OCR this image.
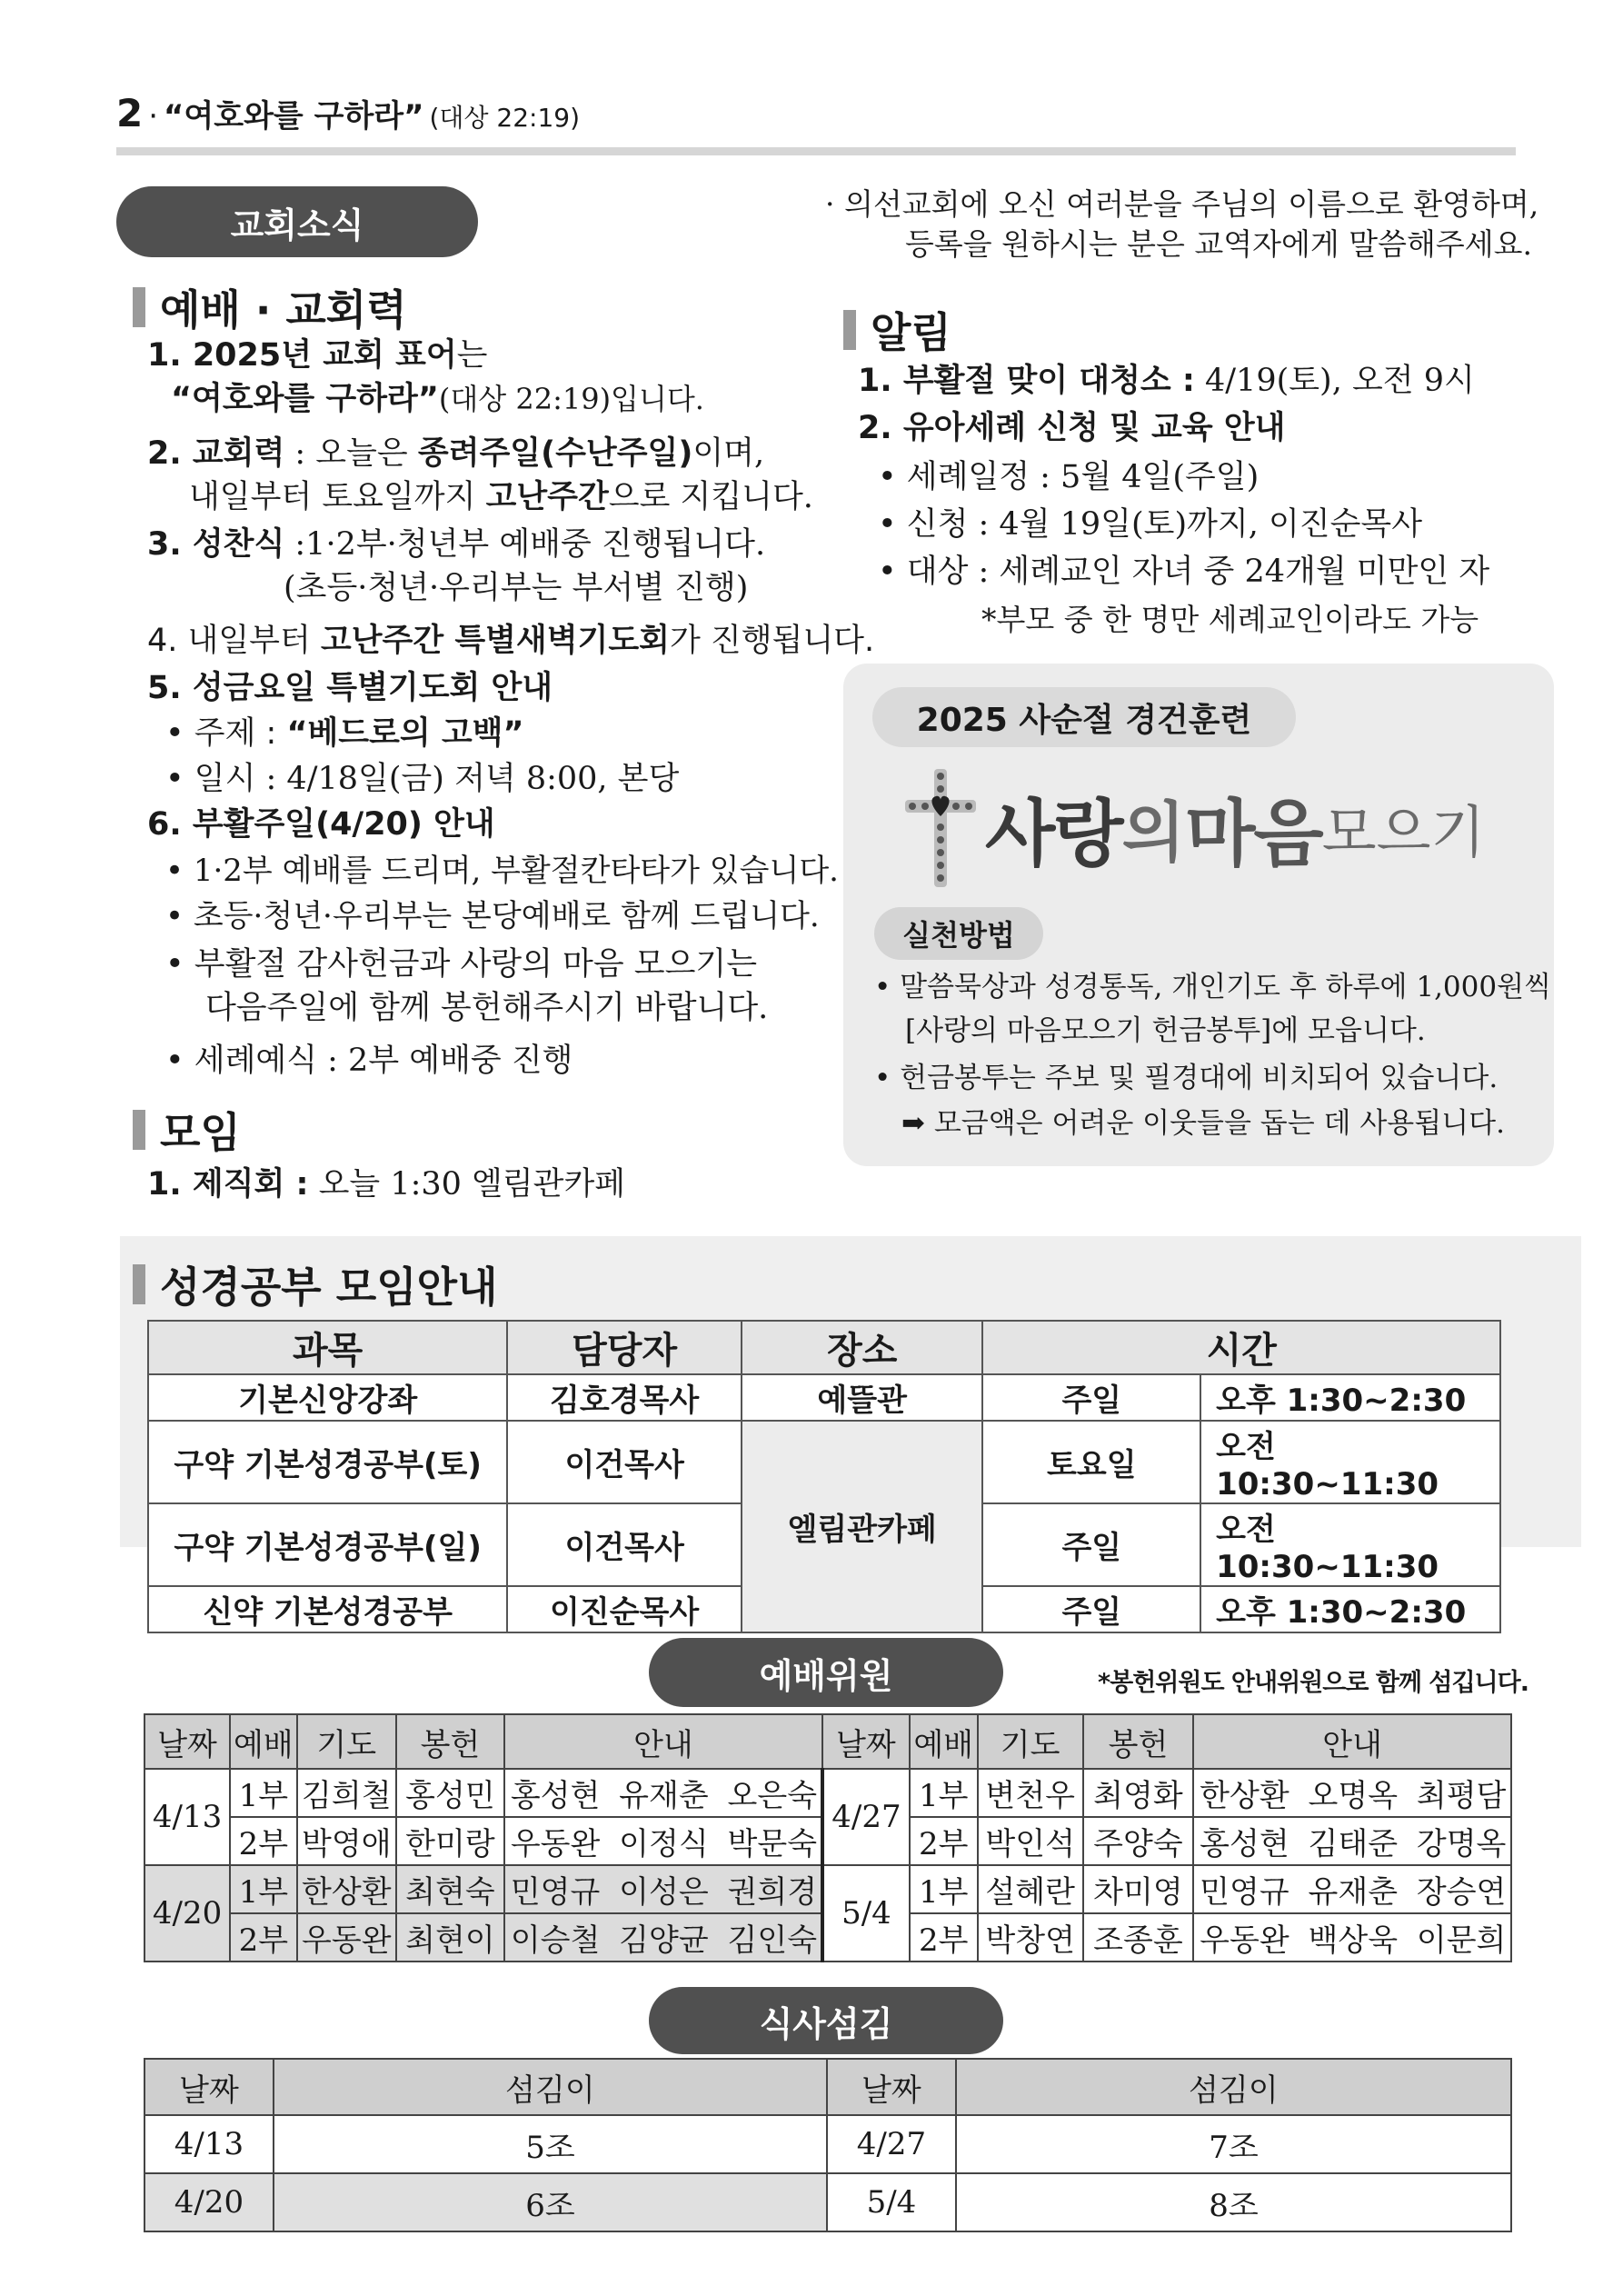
2 · “여호와를 구하라” (대상 22:19)
교회소식
예배 · 교회력
1. 2025년 교회 표어는
“여호와를 구하라”(대상 22:19)입니다.
2. 교회력 : 오늘은 종려주일(수난주일)이며,
내일부터 토요일까지 고난주간으로 지킵니다.
3. 성찬식 :1·2부·청년부 예배중 진행됩니다.
(초등·청년·우리부는 부서별 진행)
4. 내일부터 고난주간 특별새벽기도회가 진행됩니다.
5. 성금요일 특별기도회 안내
• 주제 : “베드로의 고백”
• 일시 : 4/18일(금) 저녁 8:00, 본당
6. 부활주일(4/20) 안내
• 1·2부 예배를 드리며, 부활절칸타타가 있습니다.
• 초등·청년·우리부는 본당예배로 함께 드립니다.
• 부활절 감사헌금과 사랑의 마음 모으기는
다음주일에 함께 봉헌해주시기 바랍니다.
• 세례예식 : 2부 예배중 진행
모임
1. 제직회 : 오늘 1:30 엘림관카페
· 의선교회에 오신 여러분을 주님의 이름으로 환영하며,
등록을 원하시는 분은 교역자에게 말씀해주세요.
알림
1. 부활절 맞이 대청소 : 4/19(토), 오전 9시
2. 유아세례 신청 및 교육 안내
• 세례일정 : 5월 4일(주일)
• 신청 : 4월 19일(토)까지, 이진순목사
• 대상 : 세례교인 자녀 중 24개월 미만인 자
*부모 중 한 명만 세례교인이라도 가능
2025 사순절 경건훈련
사랑 의 마음 모으기
실천방법
• 말씀묵상과 성경통독, 개인기도 후 하루에 1,000원씩
[사랑의 마음모으기 헌금봉투]에 모읍니다.
• 헌금봉투는 주보 및 필경대에 비치되어 있습니다.
➡ 모금액은 어려운 이웃들을 돕는 데 사용됩니다.
성경공부 모임안내
과목	담당자	장소	시간	
기본신앙강좌	김호경목사	예뜰관	주일	오후 1:30~2:30
구약 기본성경공부(토)	이건목사	엘림관카페	토요일	오전 10:30~11:30
구약 기본성경공부(일)	이건목사		주일	오전 10:30~11:30
신약 기본성경공부	이진순목사		주일	오후 1:30~2:30
예배위원	*봉헌위원도 안내위원으로 함께 섬깁니다.
날짜	예배	기도	봉헌	안내	날짜	예배	기도	봉헌	안내
4/13	1부	김희철	홍성민	홍성현 유재춘 오은숙	4/27	1부	변천우	최영화	한상환 오명옥 최평담
	2부	박영애	한미랑	우동완 이정식 박문숙		2부	박인석	주양숙	홍성현 김태준 강명옥
4/20	1부	한상환	최현숙	민영규 이성은 권희경	5/4	1부	설혜란	차미영	민영규 유재춘 장승연
	2부	우동완	최현이	이승철 김양균 김인숙		2부	박창연	조종훈	우동완 백상욱 이문희
식사섬김
날짜	섬김이	날짜	섬김이
4/13	5조	4/27	7조
4/20	6조	5/4	8조
